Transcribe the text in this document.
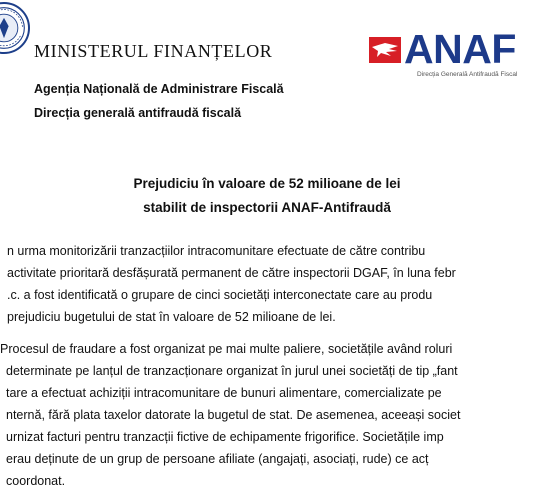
MINISTERUL FINANȚELOR
Agenția Națională de Administrare Fiscală
Direcția generală antifraudă fiscală
ANAF
Direcția Generală Antifraudă Fiscal
Prejudiciu în valoare de 52 milioane de lei
stabilit de inspectorii ANAF-Antifraudă
n urma monitorizării tranzacțiilor intracomunitare efectuate de către contribu
activitate prioritară desfășurată permanent de către inspectorii DGAF, în luna febr
.c. a fost identificată o grupare de cinci societăți interconectate care au produ
prejudiciu bugetului de stat în valoare de 52 milioane de lei.
Procesul de fraudare a fost organizat pe mai multe paliere, societățile având roluri
determinate pe lanțul de tranzacționare organizat în jurul unei societăți de tip „fant
tare a efectuat achiziții intracomunitare de bunuri alimentare, comercializate pe
nternă, fără plata taxelor datorate la bugetul de stat. De asemenea, aceeași societ
urnizat facturi pentru tranzacții fictive de echipamente frigorifice. Societățile imp
erau deținute de un grup de persoane afiliate (angajați, asociați, rude) ce acț
coordonat.
